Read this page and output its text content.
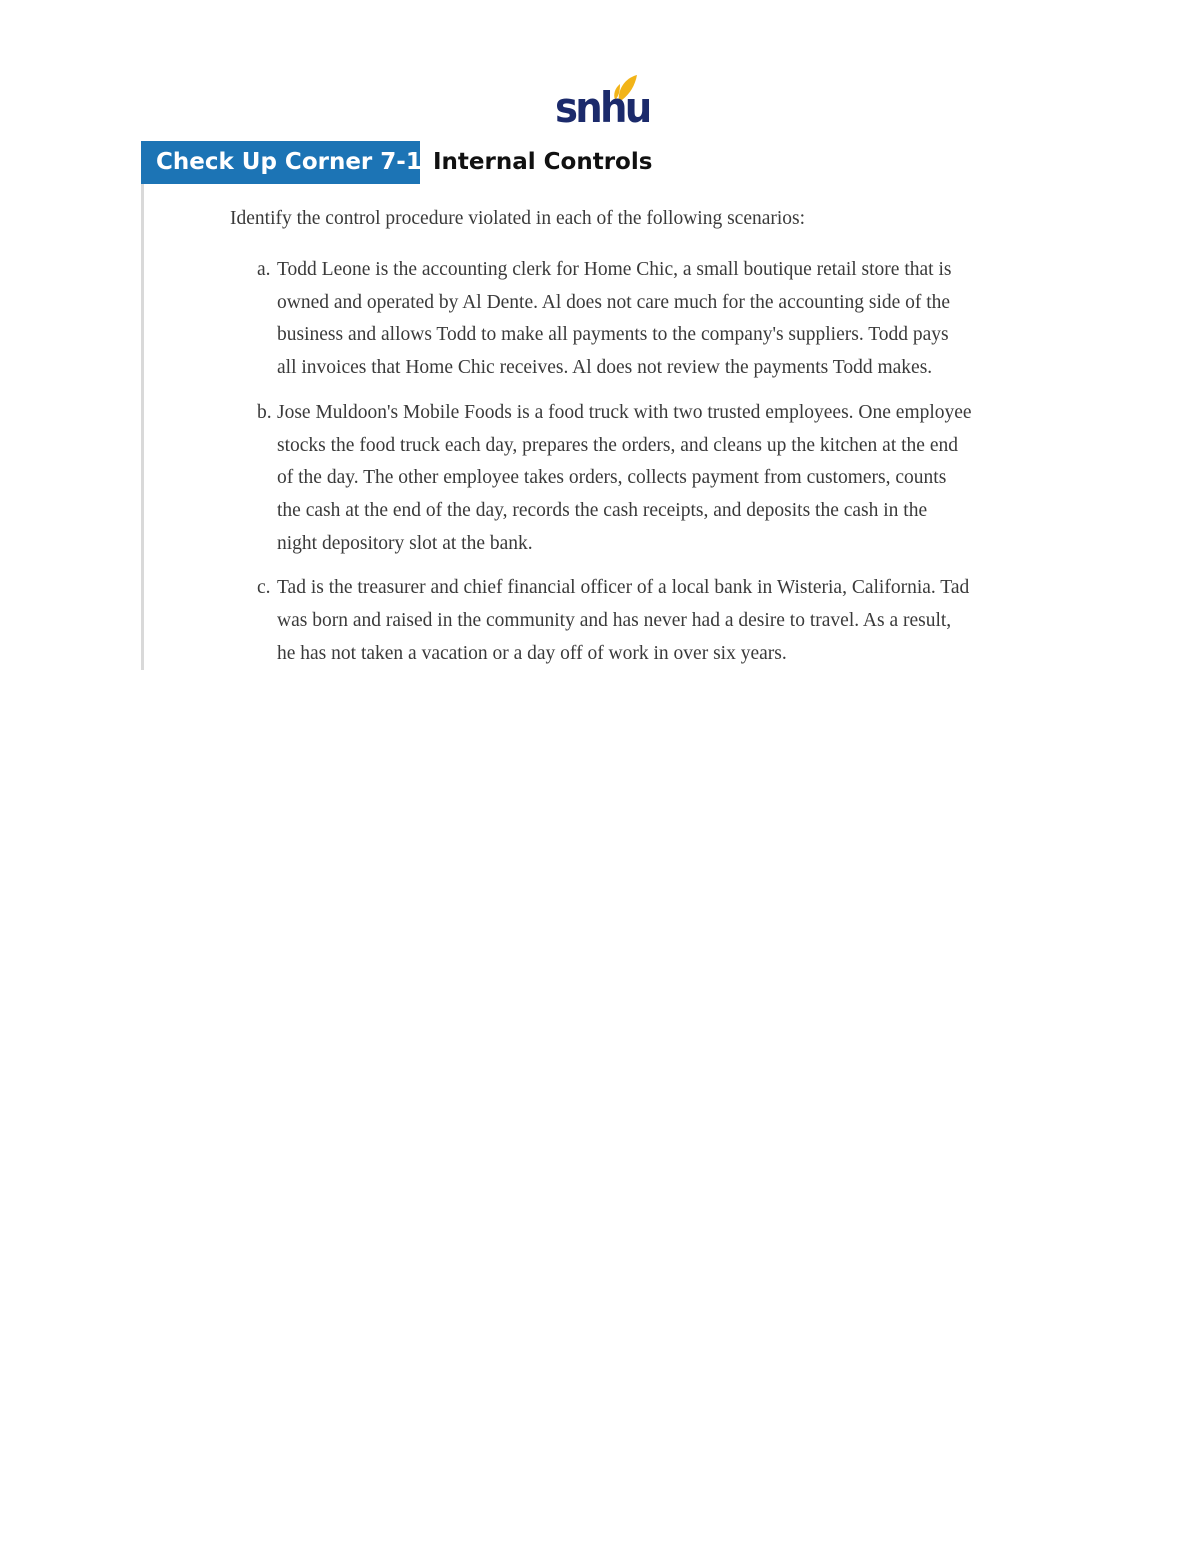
snhu
Check Up Corner 7-1 Internal Controls
Identify the control procedure violated in each of the following scenarios:
a. Todd Leone is the accounting clerk for Home Chic, a small boutique retail store that is
owned and operated by Al Dente. Al does not care much for the accounting side of the
business and allows Todd to make all payments to the company's suppliers. Todd pays
all invoices that Home Chic receives. Al does not review the payments Todd makes.
b. Jose Muldoon's Mobile Foods is a food truck with two trusted employees. One employee
stocks the food truck each day, prepares the orders, and cleans up the kitchen at the end
of the day. The other employee takes orders, collects payment from customers, counts
the cash at the end of the day, records the cash receipts, and deposits the cash in the
night depository slot at the bank.
c. Tad is the treasurer and chief financial officer of a local bank in Wisteria, California. Tad
was born and raised in the community and has never had a desire to travel. As a result,
he has not taken a vacation or a day off of work in over six years.
